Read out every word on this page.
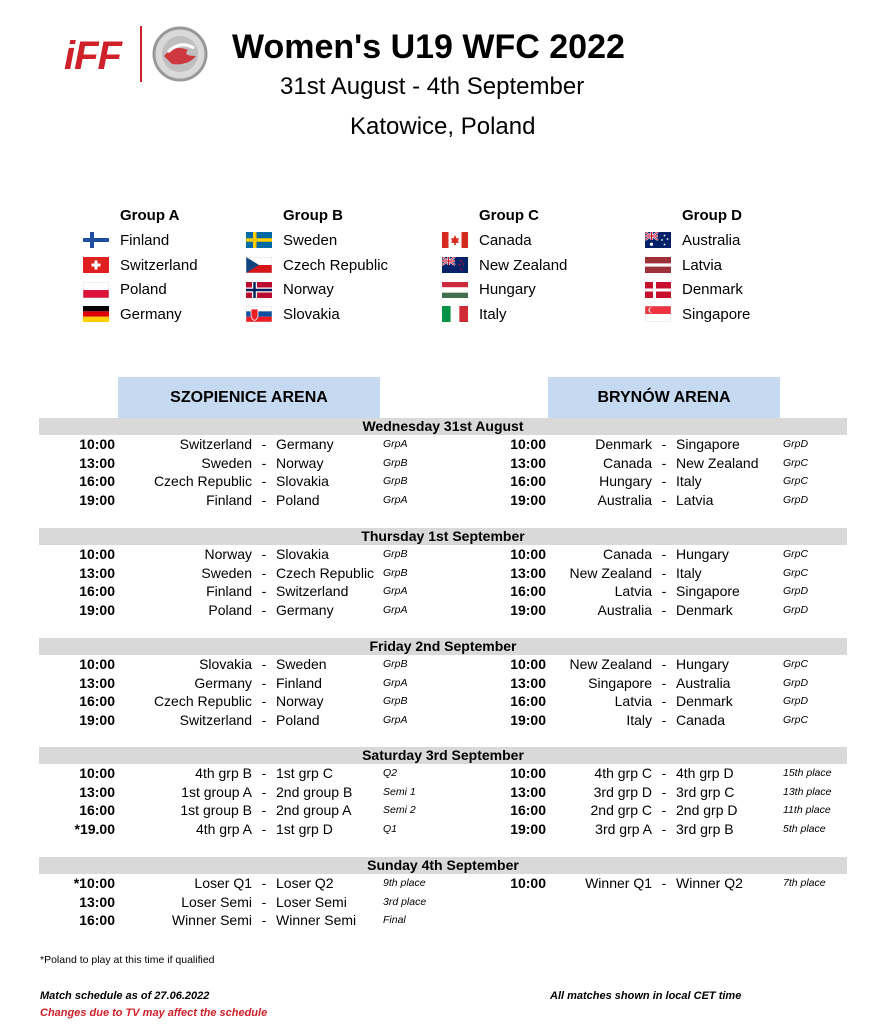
iFF	Women's U19 WFC 2022
31st August - 4th September
Katowice, Poland
Group A
Finland
Switzerland
Poland
Germany
Group B
Sweden
Czech Republic
Norway
Slovakia
Group C
Canada
New Zealand
Hungary
Italy
Group D
Australia
Latvia
Denmark
Singapore
SZOPIENICE ARENA	BRYNÓW ARENA
Wednesday 31st August
10:00	Switzerland - Germany	GrpA
13:00	Sweden - Norway	GrpB
16:00	Czech Republic - Slovakia	GrpB
19:00	Finland - Poland	GrpA
10:00	Denmark - Singapore	GrpD
13:00	Canada - New Zealand	GrpC
16:00	Hungary - Italy	GrpC
19:00	Australia - Latvia	GrpD
Thursday 1st September
10:00	Norway - Slovakia	GrpB
13:00	Sweden - Czech Republic GrpB
16:00	Finland - Switzerland	GrpA
19:00	Poland - Germany	GrpA
10:00	Canada - Hungary	GrpC
13:00	New Zealand - Italy	GrpC
16:00	Latvia - Singapore	GrpD
19:00	Australia - Denmark	GrpD
Friday 2nd September
10:00	Slovakia - Sweden	GrpB
13:00	Germany - Finland	GrpA
16:00	Czech Republic - Norway	GrpB
19:00	Switzerland - Poland	GrpA
10:00	New Zealand - Hungary	GrpC
13:00	Singapore - Australia	GrpD
16:00	Latvia - Denmark	GrpD
19:00	Italy - Canada	GrpC
Saturday 3rd September
10:00	4th grp B - 1st grp C	Q2
13:00	1st group A - 2nd group B	Semi 1
16:00	1st group B - 2nd group A	Semi 2
*19.00	4th grp A - 1st grp D	Q1
10:00	4th grp C - 4th grp D	15th place
13:00	3rd grp D - 3rd grp C	13th place
16:00	2nd grp C - 2nd grp D	11th place
19:00	3rd grp A - 3rd grp B	5th place
Sunday 4th September
*10:00	Loser Q1 - Loser Q2	9th place
13:00	Loser Semi - Loser Semi	3rd place
16:00	Winner Semi - Winner Semi	Final
10:00	Winner Q1 - Winner Q2	7th place
*Poland to play at this time if qualified
Match schedule as of 27.06.2022
Changes due to TV may affect the schedule
All matches shown in local CET time
